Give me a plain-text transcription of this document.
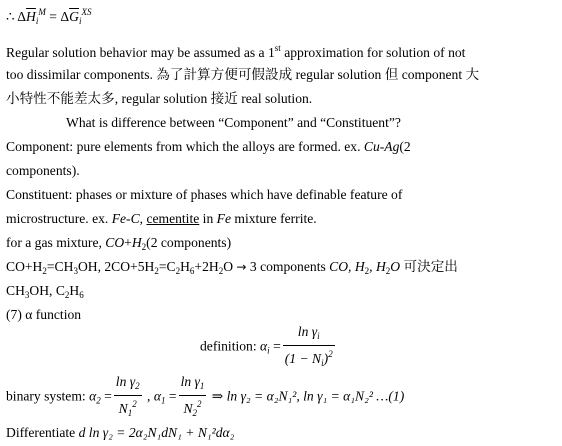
∴ $\Delta\overline{H}_i^M = \Delta\overline{G}_i^{XS}$
Regular solution behavior may be assumed as a 1st approximation for solution of not
too dissimilar components. 為了計算方便可假設成 regular solution 但 component 大
小特性不能差太多, regular solution 接近 real solution.
What is difference between “Component” and “Constituent”?
Component: pure elements from which the alloys are formed. ex. Cu-Ag(2
components).
Constituent: phases or mixture of phases which have definable feature of
microstructure. ex. Fe-C, cementite in Fe mixture ferrite.
for a gas mixture, $CO+H_2(2$ components)
$CO+H_2=CH_3OH$, $2CO+5H_2=C_2H_6+2H_2O \to 3$ components CO, $H_2$, $H_2O$ 可決定出
$CH_3OH$, $C_2H_6$
(7) α function
definition: $\alpha_i = \frac{\ln \gamma_i}{(1 - N_i)^2}$
binary system: $\alpha_2 = \frac{\ln \gamma_2}{N_1^2}$ , $\alpha_1 = \frac{\ln \gamma_1}{N_2^2}$ ⇒ ln γ₂ = α₂N₁², ln γ₁ = α₁N₂² …(1)
Differentiate d ln γ₂ = 2α₂N₁dN₁ + N₁²dα₂
